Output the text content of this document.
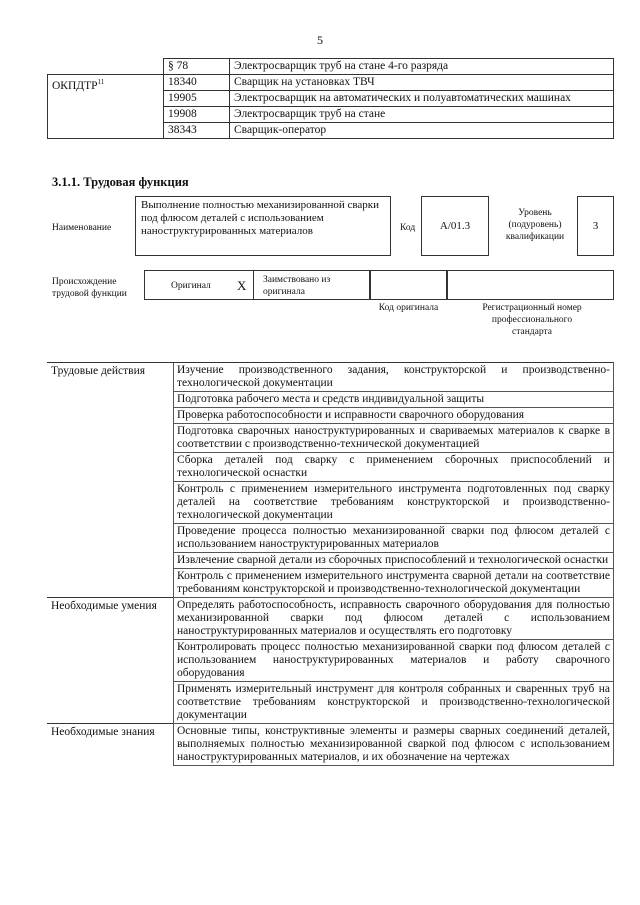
5
	§ 78	Электросварщик труб на стане 4-го разряда
ОКПДТР$^{11}$	18340	Сварщик на установках ТВЧ
	19905	Электросварщик на автоматических и полуавтоматических машинах
	19908	Электросварщик труб на стане
	38343	Сварщик-оператор
3.1.1. Трудовая функция
Наименование
Выполнение полностью механизированной сварки под флюсом деталей с использованием наноструктурированных материалов	Код A/01.3
Уровень (подуровень) квалификации
3
Происхождение трудовой функции
Оригинал X Заимствовано из оригинала
Код оригинала	Регистрационный номер профессионального стандарта
Трудовые действия	Изучение производственного задания, конструкторской и производственно-технологической документации
	Подготовка рабочего места и средств индивидуальной защиты
	Проверка работоспособности и исправности сварочного оборудования
	Подготовка сварочных наноструктурированных и свариваемых материалов к сварке в соответствии с производственно-технической документацией
	Сборка деталей под сварку с применением сборочных приспособлений и технологической оснастки
	Контроль с применением измерительного инструмента подготовленных под сварку деталей на соответствие требованиям конструкторской и производственно-технологической документации
	Проведение процесса полностью механизированной сварки под флюсом деталей с использованием наноструктурированных материалов
	Извлечение сварной детали из сборочных приспособлений и технологической оснастки
	Контроль с применением измерительного инструмента сварной детали на соответствие требованиям конструкторской и производственно-технологической документации
Необходимые умения	Определять работоспособность, исправность сварочного оборудования для полностью механизированной сварки под флюсом деталей с использованием наноструктурированных материалов и осуществлять его подготовку
	Контролировать процесс полностью механизированной сварки под флюсом деталей с использованием наноструктурированных материалов и работу сварочного оборудования
	Применять измерительный инструмент для контроля собранных и сваренных труб на соответствие требованиям конструкторской и производственно-технологической документации
Необходимые знания	Основные типы, конструктивные элементы и размеры сварных соединений деталей, выполняемых полностью механизированной сваркой под флюсом с использованием наноструктурированных материалов, и их обозначение на чертежах
